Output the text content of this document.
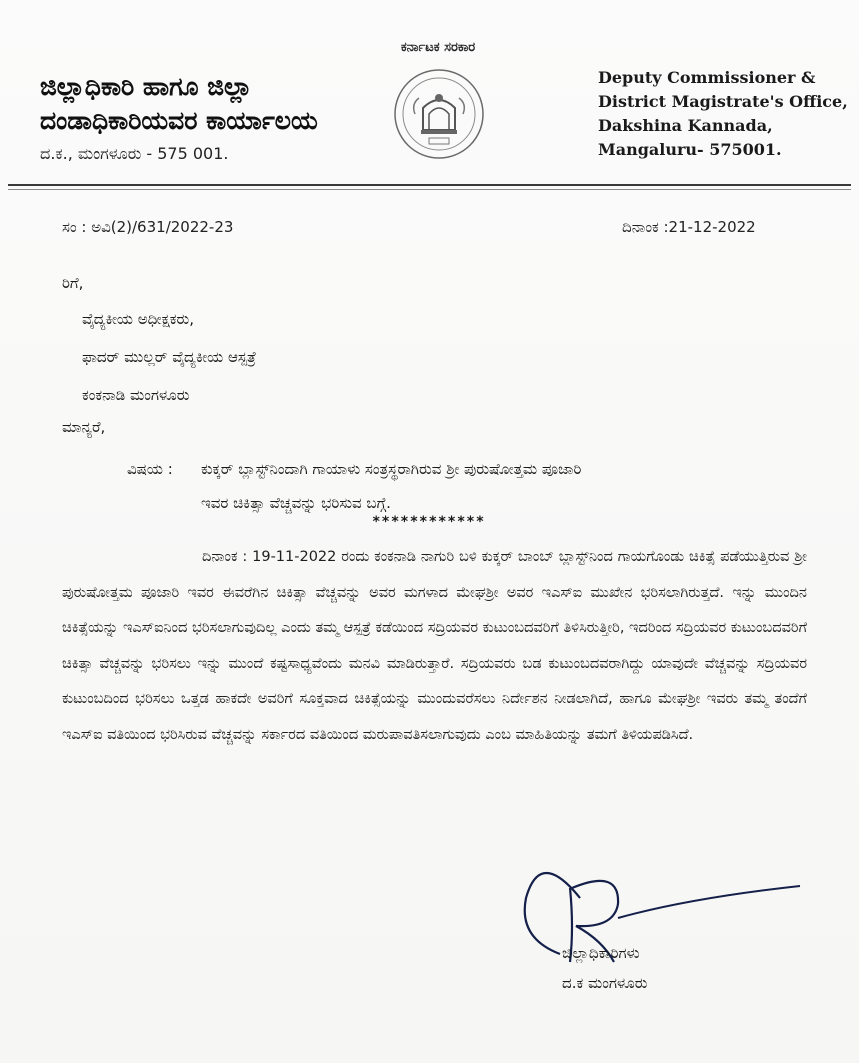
ಜಿಲ್ಲಾಧಿಕಾರಿ ಹಾಗೂ ಜಿಲ್ಲಾ
ದಂಡಾಧಿಕಾರಿಯವರ ಕಾರ್ಯಾಲಯ
ದ.ಕ., ಮಂಗಳೂರು - 575 001.
ಕರ್ನಾಟಕ ಸರಕಾರ
Deputy Commissioner &
District Magistrate's Office,
Dakshina Kannada,
Mangaluru- 575001.
ಸಂ : ಅವಿ(2)/631/2022-23	ದಿನಾಂಕ :21-12-2022
ರಿಗೆ,
ವೈದ್ಯಕೀಯ ಅಧೀಕ್ಷಕರು,
ಫಾದರ್ ಮುಲ್ಲರ್ ವೈದ್ಯಕೀಯ ಆಸ್ಪತ್ರೆ
ಕಂಕನಾಡಿ ಮಂಗಳೂರು
ಮಾನ್ಯರೆ,
ವಿಷಯ : ಕುಕ್ಕರ್ ಬ್ಲಾಸ್ಟ್‌ನಿಂದಾಗಿ ಗಾಯಾಳು ಸಂತ್ರಸ್ಥರಾಗಿರುವ ಶ್ರೀ ಪುರುಷೋತ್ತಮ ಪೂಜಾರಿ
ಇವರ ಚಿಕಿತ್ಸಾ ವೆಚ್ಚವನ್ನು ಭರಿಸುವ ಬಗ್ಗೆ.
************
ದಿನಾಂಕ : 19-11-2022 ರಂದು ಕಂಕನಾಡಿ ನಾಗುರಿ ಬಳಿ ಕುಕ್ಕರ್ ಬಾಂಬ್ ಬ್ಲಾಸ್ಟ್‌ನಿಂದ ಗಾಯಗೊಂಡು ಚಿಕಿತ್ಸೆ ಪಡೆಯುತ್ತಿರುವ ಶ್ರೀ ಪುರುಷೋತ್ತಮ ಪೂಜಾರಿ ಇವರ ಈವರೆಗಿನ ಚಿಕಿತ್ಸಾ ವೆಚ್ಚವನ್ನು ಅವರ ಮಗಳಾದ ಮೇಘಶ್ರೀ ಅವರ ಇಎಸ್ಐ ಮುಖೇನ ಭರಿಸಲಾಗಿರುತ್ತದೆ. ಇನ್ನು ಮುಂದಿನ ಚಿಕಿತ್ಸೆಯನ್ನು ಇಎಸ್ಐನಿಂದ ಭರಿಸಲಾಗುವುದಿಲ್ಲ ಎಂದು ತಮ್ಮ ಆಸ್ಪತ್ರೆ ಕಡೆಯಿಂದ ಸದ್ರಿಯವರ ಕುಟುಂಬದವರಿಗೆ ತಿಳಿಸಿರುತ್ತೀರಿ, ಇದರಿಂದ ಸದ್ರಿಯವರ ಕುಟುಂಬದವರಿಗೆ ಚಿಕಿತ್ಸಾ ವೆಚ್ಚವನ್ನು ಭರಿಸಲು ಇನ್ನು ಮುಂದೆ ಕಷ್ಟಸಾಧ್ಯವೆಂದು ಮನವಿ ಮಾಡಿರುತ್ತಾರೆ. ಸದ್ರಿಯವರು ಬಡ ಕುಟುಂಬದವರಾಗಿದ್ದು ಯಾವುದೇ ವೆಚ್ಚವನ್ನು ಸದ್ರಿಯವರ ಕುಟುಂಬದಿಂದ ಭರಿಸಲು ಒತ್ತಡ ಹಾಕದೇ ಅವರಿಗೆ ಸೂಕ್ತವಾದ ಚಿಕಿತ್ಸೆಯನ್ನು ಮುಂದುವರೆಸಲು ನಿರ್ದೇಶನ ನೀಡಲಾಗಿದೆ, ಹಾಗೂ ಮೇಘಶ್ರೀ ಇವರು ತಮ್ಮ ತಂದೆಗೆ ಇಎಸ್ಐ ವತಿಯಿಂದ ಭರಿಸಿರುವ ವೆಚ್ಚವನ್ನು ಸರ್ಕಾರದ ವತಿಯಿಂದ ಮರುಪಾವತಿಸಲಾಗುವುದು ಎಂಬ ಮಾಹಿತಿಯನ್ನು ತಮಗೆ ತಿಳಿಯಪಡಿಸಿದೆ.
ಜಿಲ್ಲಾಧಿಕಾರಿಗಳು
ದ.ಕ ಮಂಗಳೂರು
